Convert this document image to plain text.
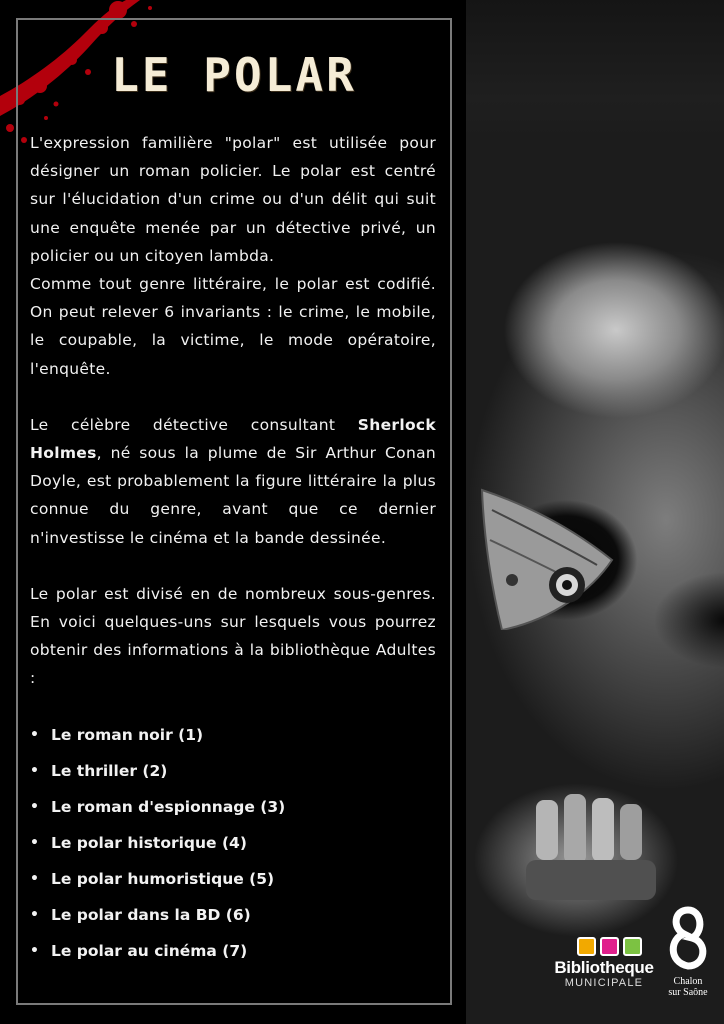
LE POLAR

L'expression familière "polar" est utilisée pour désigner un roman policier. Le polar est centré sur l'élucidation d'un crime ou d'un délit qui suit une enquête menée par un détective privé, un policier ou un citoyen lambda.

Comme tout genre littéraire, le polar est codifié. On peut relever 6 invariants : le crime, le mobile, le coupable, la victime, le mode opératoire, l'enquête.

Le célèbre détective consultant Sherlock Holmes, né sous la plume de Sir Arthur Conan Doyle, est probablement la figure littéraire la plus connue du genre, avant que ce dernier n'investisse le cinéma et la bande dessinée.

Le polar est divisé en de nombreux sous-genres. En voici quelques-uns sur lesquels vous pourrez obtenir des informations à la bibliothèque Adultes :

• Le roman noir (1)
• Le thriller (2)
• Le roman d'espionnage (3)
• Le polar historique (4)
• Le polar humoristique (5)
• Le polar dans la BD (6)
• Le polar au cinéma (7)
Bibliotheque
MUNICIPALE	Chalon
sur Saône
